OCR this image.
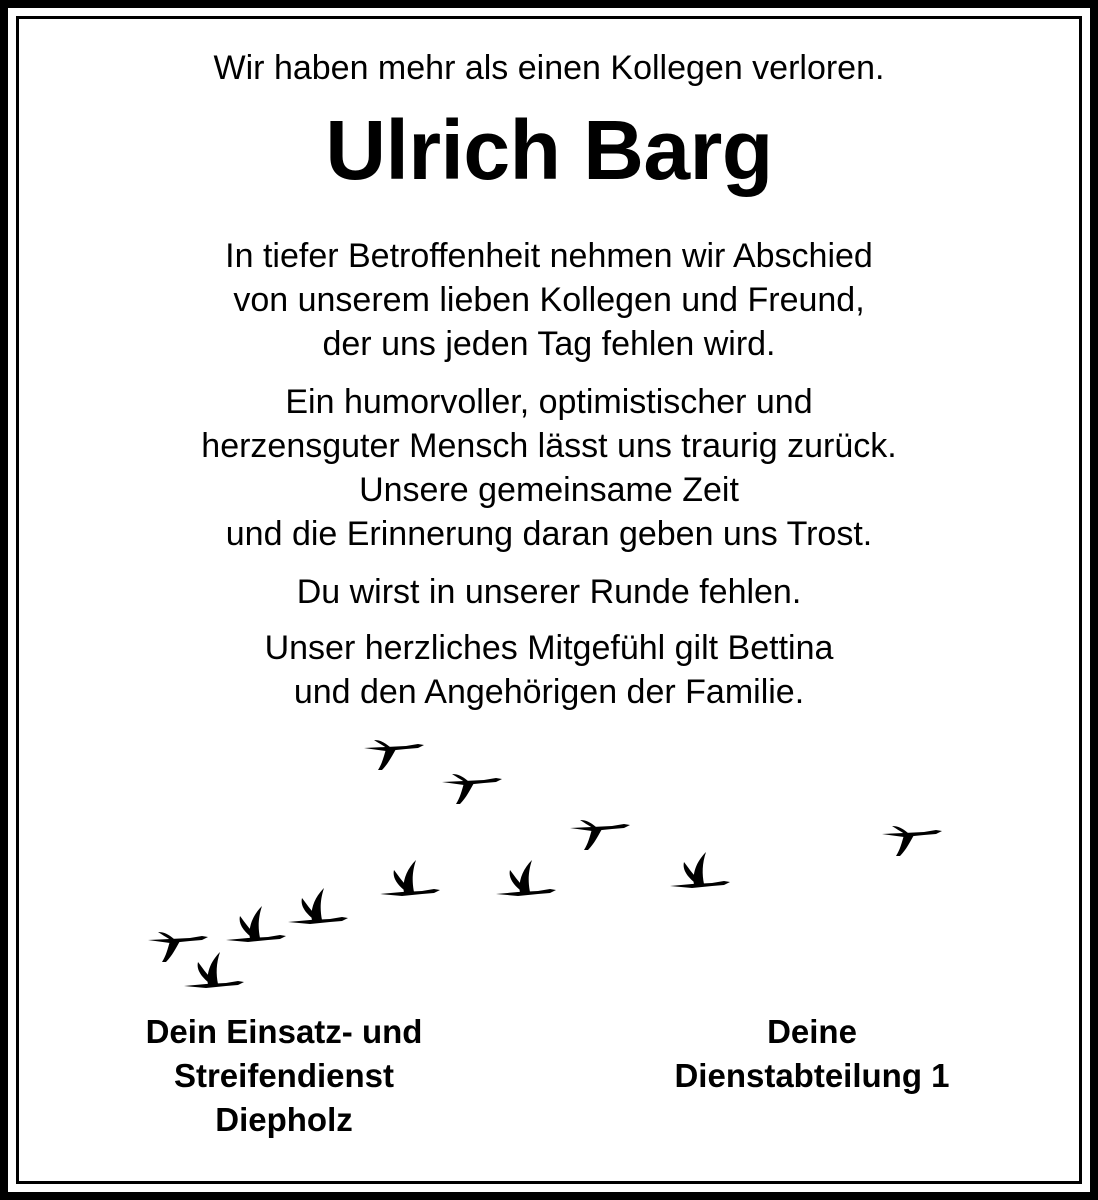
Wir haben mehr als einen Kollegen verloren.
Ulrich Barg
In tiefer Betroffenheit nehmen wir Abschied
von unserem lieben Kollegen und Freund,
der uns jeden Tag fehlen wird.
Ein humorvoller, optimistischer und
herzensguter Mensch lässt uns traurig zurück.
Unsere gemeinsame Zeit
und die Erinnerung daran geben uns Trost.
Du wirst in unserer Runde fehlen.
Unser herzliches Mitgefühl gilt Bettina
und den Angehörigen der Familie.
Dein Einsatz- und
Streifendienst
Diepholz
Deine
Dienstabteilung 1
